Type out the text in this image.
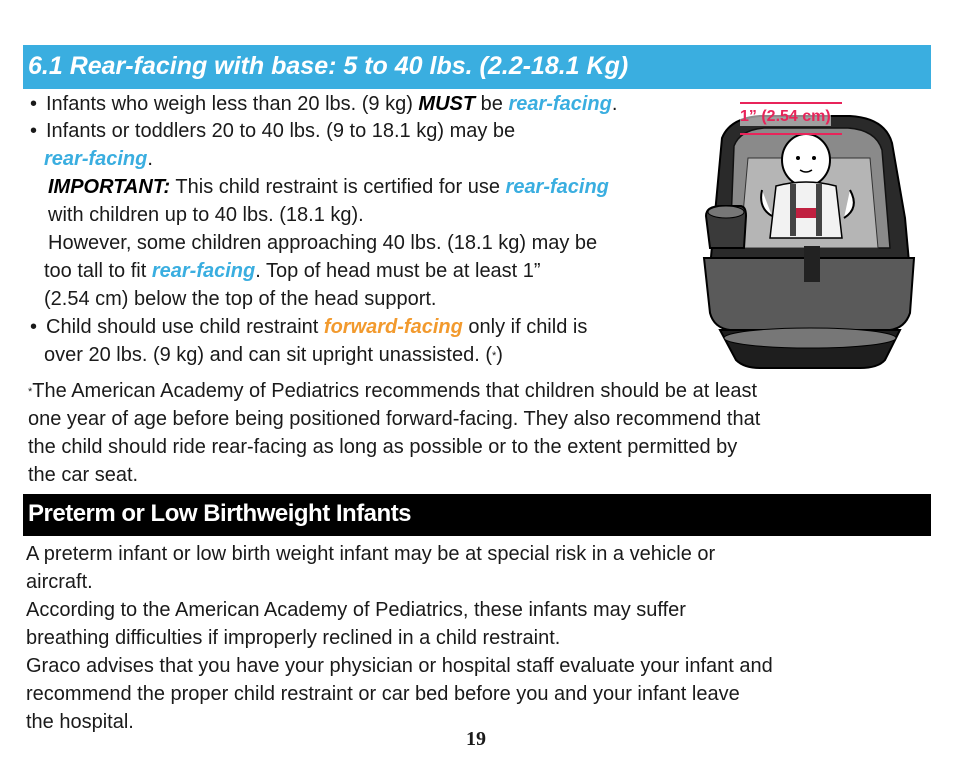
6.1 Rear-facing with base: 5 to 40 lbs. (2.2-18.1 Kg)
• Infants who weigh less than 20 lbs. (9 kg) MUST be rear-facing.
• Infants or toddlers 20 to 40 lbs. (9 to 18.1 kg) may be
rear-facing.
IMPORTANT: This child restraint is certified for use rear-facing
with children up to 40 lbs. (18.1 kg).
However, some children approaching 40 lbs. (18.1 kg) may be
too tall to fit rear-facing. Top of head must be at least 1”
(2.54 cm) below the top of the head support.
• Child should use child restraint forward-facing only if child is
over 20 lbs. (9 kg) and can sit upright unassisted. (*)
1” (2.54 cm)
*The American Academy of Pediatrics recommends that children should be at least
one year of age before being positioned forward-facing. They also recommend that
the child should ride rear-facing as long as possible or to the extent permitted by
the car seat.
Preterm or Low Birthweight Infants
A preterm infant or low birth weight infant may be at special risk in a vehicle or
aircraft.
According to the American Academy of Pediatrics, these infants may suffer
breathing difficulties if improperly reclined in a child restraint.
Graco advises that you have your physician or hospital staff evaluate your infant and
recommend the proper child restraint or car bed before you and your infant leave
the hospital.
19
